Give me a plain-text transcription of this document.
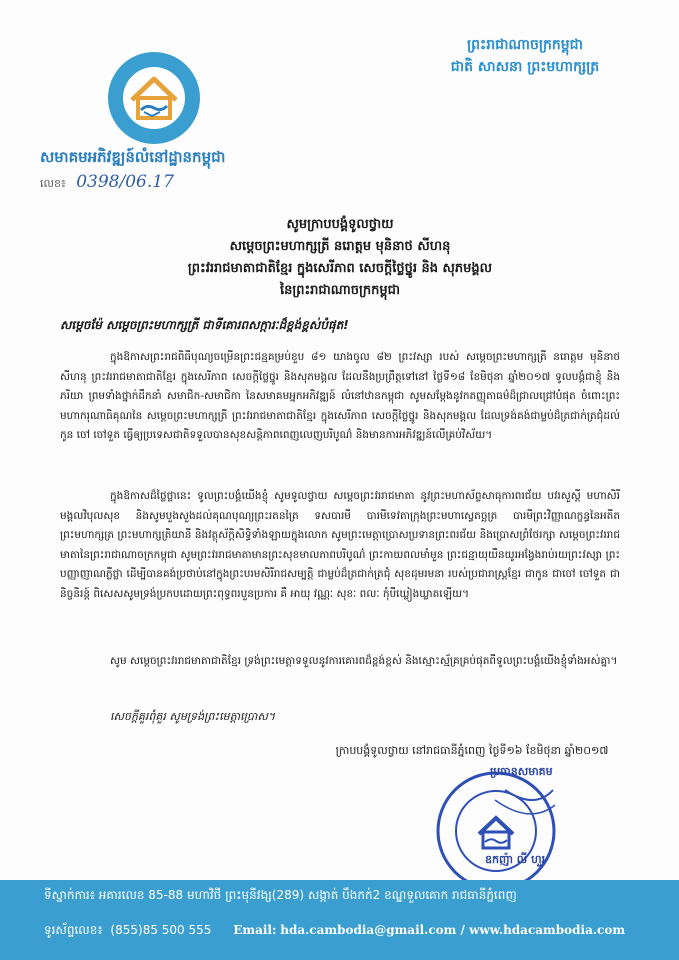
សមាគមអភិវឌ្ឍន៍លំនៅដ្ឋានកម្ពុជា
លេខ៖ 0398/06.17
ព្រះរាជាណាចក្រកម្ពុជា
ជាតិ សាសនា ព្រះមហាក្សត្រ
សូមក្រាបបង្គំទូលថ្វាយ
សម្តេចព្រះមហាក្សត្រី នរោត្តម មុនិនាថ សីហនុ
ព្រះវររាជមាតាជាតិខ្មែរ ក្នុងសេរីភាព សេចក្តីថ្លៃថ្នូរ និង សុភមង្គល
នៃព្រះរាជាណាចក្រកម្ពុជា
សម្តេចម៉ែ សម្តេចព្រះមហាក្សត្រី ជាទីគោរពសក្ការៈដ៏ខ្ពង់ខ្ពស់បំផុត!
ក្នុងឱកាសព្រះរាជពិធីបុណ្យចម្រើនព្រះជន្មគម្រប់ខួប ៨១ យាងចូល ៨២ ព្រះវស្សា របស់ សម្តេចព្រះមហាក្សត្រី នរោត្តម មុនិនាថ សីហនុ ព្រះវររាជមាតាជាតិខ្មែរ ក្នុងសេរីភាព សេចក្តីថ្លៃថ្នូរ និងសុភមង្គល ដែលនឹងប្រព្រឹត្តទៅនៅ ថ្ងៃទី១៨ ខែមិថុនា ឆ្នាំ២០១៧ ទូលបង្គំជាខ្ញុំ និងភរិយា ព្រមទាំងថ្នាក់ដឹកនាំ សមាជិក-សមាជិកា នៃសមាគមអ្នកអភិវឌ្ឍន៍ លំនៅឋានកម្ពុជា សូមសម្តែងនូវកតញ្ញុតាធម៌ដ៏ជ្រាលជ្រៅបំផុត ចំពោះព្រះមហាករុណាធិគុណនៃ សម្តេចព្រះមហាក្សត្រី ព្រះវររាជមាតាជាតិខ្មែរ ក្នុងសេរីភាព សេចក្តីថ្លៃថ្នូរ និងសុភមង្គល ដែលទ្រង់គង់ជាម្លប់ដ៏ត្រជាក់ត្រជុំដល់ កូន ចៅ ចៅទួត ធ្វើឲ្យប្រទេសជាតិទទួលបានសុខសន្តិភាពពេញលេញបរិបូណ៌ និងមានការអភិវឌ្ឍន៍លើគ្រប់វិស័យ។
ក្នុងឱកាសដ៏ថ្លៃថ្លានេះ ទូលព្រះបង្គំយើងខ្ញុំ សូមទូលថ្វាយ សម្តេចព្រះវររាជមាតា នូវព្រះមហាស័ព្ទសាធុការពរជ័យ បវរសួស្តី មហាសិរីមង្គលវិបុលសុខ និងសូមបួងសួងដល់គុណបុណ្យព្រះរតនត្រៃ ទសបារមី បារមីទេវតាក្រុងព្រះមហាស្វេតច្ឆត្រ បារមីព្រះវិញ្ញាណក្ខន្ធនៃអតីតព្រះមហាក្សត្រ ព្រះមហាក្សត្រិយានី និងវត្ថុស័ក្តិសិទ្ធិទាំងឡាយក្នុងលោក សូមព្រះមេត្តាប្រោសប្រទានព្រះពរជ័យ និងប្រោសព្រំថែរក្សា សម្តេចព្រះវររាជមាតានៃព្រះរាជាណាចក្រកម្ពុជា សូមព្រះវររាជមាតាមានព្រះសុខមាលភាពបរិបូណ៌ ព្រះកាយពលមាំមួន ព្រះជន្មាយុយឺនយូរអង្វែងរាប់រយព្រះវស្សា ព្រះបញ្ញាញាណភ្លឺថ្លា ដើម្បីបានគង់ប្រថាប់នៅក្នុងព្រះបរមសិរីរាជសម្បត្តិ ជាម្លប់ដ៏ត្រជាក់ត្រជុំ សុខដុមរមនា របស់ប្រជារាស្ត្រខ្មែរ ជាកូន ជាចៅ ចៅទួត ជានិច្ចនិរន្ត៍ ពិសេសសូមទ្រង់ប្រកបដោយព្រះពុទ្ធពរបួនប្រការ គឺ អាយុ វណ្ណៈ សុខៈ ពលៈ កុំបីឃ្លៀងឃ្លាតឡើយ។
សូម សម្តេចព្រះវររាជមាតាជាតិខ្មែរ ទ្រង់ព្រះមេត្តាទទួលនូវការគោរពដ៏ខ្ពង់ខ្ពស់ និងស្មោះស្ម័គ្រគ្រប់ផុតពីទូលព្រះបង្គំយើងខ្ញុំទាំងអស់គ្នា។
សេចក្តីគួរពុំគួរ សូមទ្រង់ព្រះមេត្តាប្រោស។
ក្រាបបង្គំទូលថ្វាយ នៅរាជធានីភ្នំពេញ ថ្ងៃទី១៦ ខែមិថុនា ឆ្នាំ២០១៧
ប្រធានសមាគម
ឧកញ៉ា លី ហួរ
ទីស្នាក់ការ៖ អគារលេខ 85-88 មហាវិថី ព្រះមុនីវង្ស(289) សង្កាត់ បឹងកក់2 ខណ្ឌទួលគោក រាជធានីភ្នំពេញ
ទូរស័ព្ទលេខ៖ (855)85 500 555 Email: hda.cambodia@gmail.com / www.hdacambodia.com
